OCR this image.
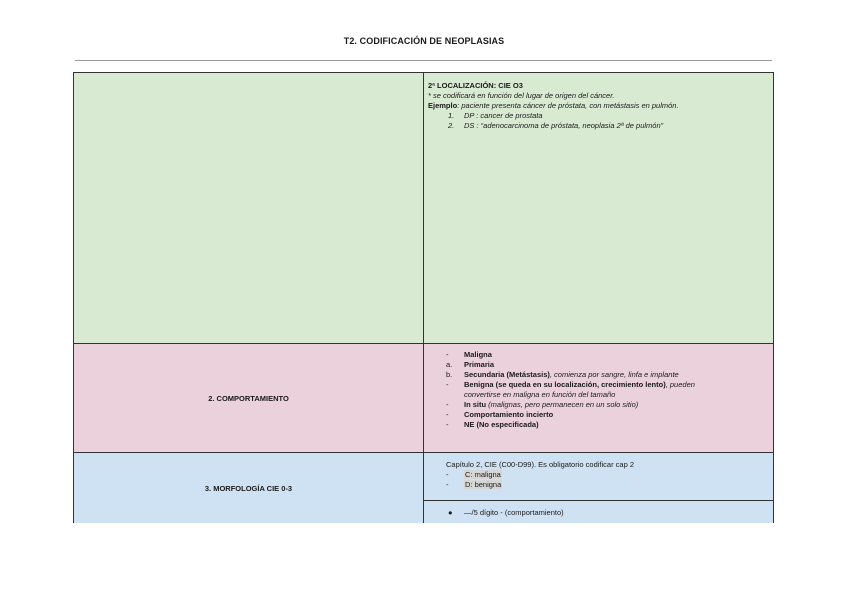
T2. CODIFICACIÓN DE NEOPLASIAS
2ª LOCALIZACIÓN: CIE O3
* se codificará en función del lugar de origen del cáncer.
Ejemplo: paciente presenta cáncer de próstata, con metástasis en pulmón.
1. DP : cancer de prostata
2. DS : “adenocarcinoma de próstata, neoplasia 2ª de pulmón”
2. COMPORTAMIENTO
-	Maligna
a.	Primaria
b.	Secundaria (Metástasis), comienza por sangre, linfa e implante
-	Benigna (se queda en su localización, crecimiento lento), pueden
convertirse en maligna en función del tamaño
-	In situ (malignas, pero permanecen en un solo sitio)
-	Comportamiento incierto
-	NE (No especificada)
3. MORFOLOGÍA CIE 0-3
Capítulo 2, CIE (C00-D99). Es obligatorio codificar cap 2
-	C: maligna
-	D: benigna
●	—/5 dígito - (comportamiento)
